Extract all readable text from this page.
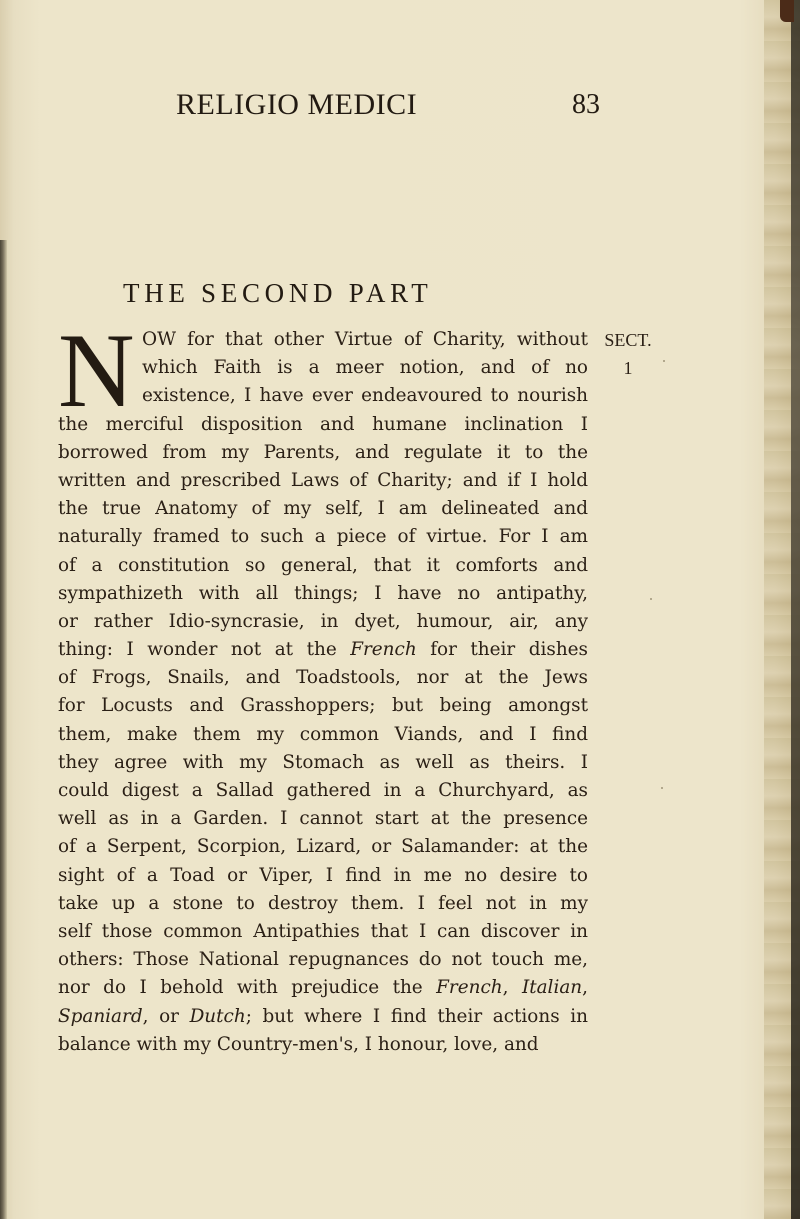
RELIGIO MEDICI	83
THE SECOND PART
N OW for that other Virtue of Charity, without
which Faith is a meer notion, and of no
existence, I have ever endeavoured to nourish
the merciful disposition and humane inclination I
borrowed from my Parents, and regulate it to the
written and prescribed Laws of Charity; and if I hold
the true Anatomy of my self, I am delineated and
naturally framed to such a piece of virtue. For I am
of a constitution so general, that it comforts and
sympathizeth with all things; I have no antipathy,
or rather Idio-syncrasie, in dyet, humour, air, any
thing: I wonder not at the French for their dishes
of Frogs, Snails, and Toadstools, nor at the Jews
for Locusts and Grasshoppers; but being amongst
them, make them my common Viands, and I find
they agree with my Stomach as well as theirs. I
could digest a Sallad gathered in a Churchyard, as
well as in a Garden. I cannot start at the presence
of a Serpent, Scorpion, Lizard, or Salamander: at the
sight of a Toad or Viper, I find in me no desire to
take up a stone to destroy them. I feel not in my
self those common Antipathies that I can discover in
others: Those National repugnances do not touch me,
nor do I behold with prejudice the French, Italian,
Spaniard, or Dutch; but where I find their actions in
balance with my Country-men's, I honour, love, and
SECT.
1
